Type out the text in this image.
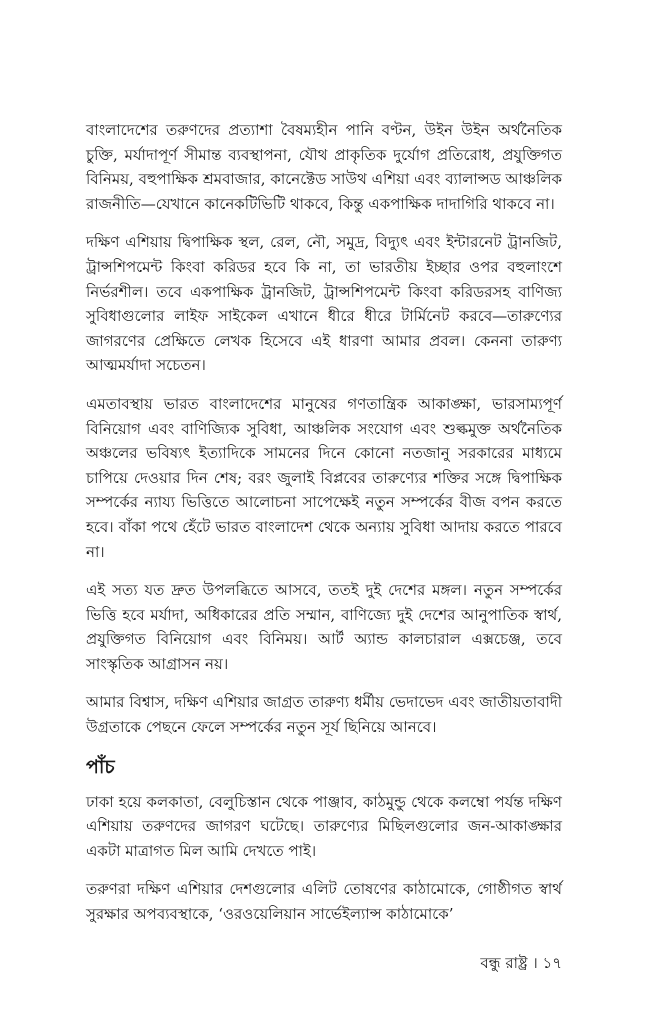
বাংলাদেশের তরুণদের প্রত্যাশা বৈষম্যহীন পানি বণ্টন, উইন উইন অর্থনৈতিক চুক্তি, মর্যাদাপূর্ণ সীমান্ত ব্যবস্থাপনা, যৌথ প্রাকৃতিক দুর্যোগ প্রতিরোধ, প্রযুক্তিগত বিনিময়, বহুপাক্ষিক শ্রমবাজার, কানেক্টেড সাউথ এশিয়া এবং ব্যালান্সড আঞ্চলিক রাজনীতি—যেখানে কানেকটিভিটি থাকবে, কিন্তু একপাক্ষিক দাদাগিরি থাকবে না।

দক্ষিণ এশিয়ায় দ্বিপাক্ষিক স্থল, রেল, নৌ, সমুদ্র, বিদ্যুৎ এবং ইন্টারনেট ট্রানজিট, ট্রান্সশিপমেন্ট কিংবা করিডর হবে কি না, তা ভারতীয় ইচ্ছার ওপর বহুলাংশে নির্ভরশীল। তবে একপাক্ষিক ট্রানজিট, ট্রান্সশিপমেন্ট কিংবা করিডরসহ বাণিজ্য সুবিধাগুলোর লাইফ সাইকেল এখানে ধীরে ধীরে টার্মিনেট করবে—তারুণ্যের জাগরণের প্রেক্ষিতে লেখক হিসেবে এই ধারণা আমার প্রবল। কেননা তারুণ্য আত্মমর্যাদা সচেতন।

এমতাবস্থায় ভারত বাংলাদেশের মানুষের গণতান্ত্রিক আকাঙ্ক্ষা, ভারসাম্যপূর্ণ বিনিয়োগ এবং বাণিজ্যিক সুবিধা, আঞ্চলিক সংযোগ এবং শুল্কমুক্ত অর্থনৈতিক অঞ্চলের ভবিষ্যৎ ইত্যাদিকে সামনের দিনে কোনো নতজানু সরকারের মাধ্যমে চাপিয়ে দেওয়ার দিন শেষ; বরং জুলাই বিপ্লবের তারুণ্যের শক্তির সঙ্গে দ্বিপাক্ষিক সম্পর্কের ন্যায্য ভিত্তিতে আলোচনা সাপেক্ষেই নতুন সম্পর্কের বীজ বপন করতে হবে। বাঁকা পথে হেঁটে ভারত বাংলাদেশ থেকে অন্যায় সুবিধা আদায় করতে পারবে না।

এই সত্য যত দ্রুত উপলব্ধিতে আসবে, ততই দুই দেশের মঙ্গল। নতুন সম্পর্কের ভিত্তি হবে মর্যাদা, অধিকারের প্রতি সম্মান, বাণিজ্যে দুই দেশের আনুপাতিক স্বার্থ, প্রযুক্তিগত বিনিয়োগ এবং বিনিময়। আর্ট অ্যান্ড কালচারাল এক্সচেঞ্জ, তবে সাংস্কৃতিক আগ্রাসন নয়।

আমার বিশ্বাস, দক্ষিণ এশিয়ার জাগ্রত তারুণ্য ধর্মীয় ভেদাভেদ এবং জাতীয়তাবাদী উগ্রতাকে পেছনে ফেলে সম্পর্কের নতুন সূর্য ছিনিয়ে আনবে।

পাঁচ

ঢাকা হয়ে কলকাতা, বেলুচিস্তান থেকে পাঞ্জাব, কাঠমুন্ডু থেকে কলম্বো পর্যন্ত দক্ষিণ এশিয়ায় তরুণদের জাগরণ ঘটেছে। তারুণ্যের মিছিলগুলোর জন-আকাঙ্ক্ষার একটা মাত্রাগত মিল আমি দেখতে পাই।

তরুণরা দক্ষিণ এশিয়ার দেশগুলোর এলিট তোষণের কাঠামোকে, গোষ্ঠীগত স্বার্থ সুরক্ষার অপব্যবস্থাকে, ‘ওরওয়েলিয়ান সার্ভেইল্যান্স কাঠামোকে’

বন্ধু রাষ্ট্র । ১৭
